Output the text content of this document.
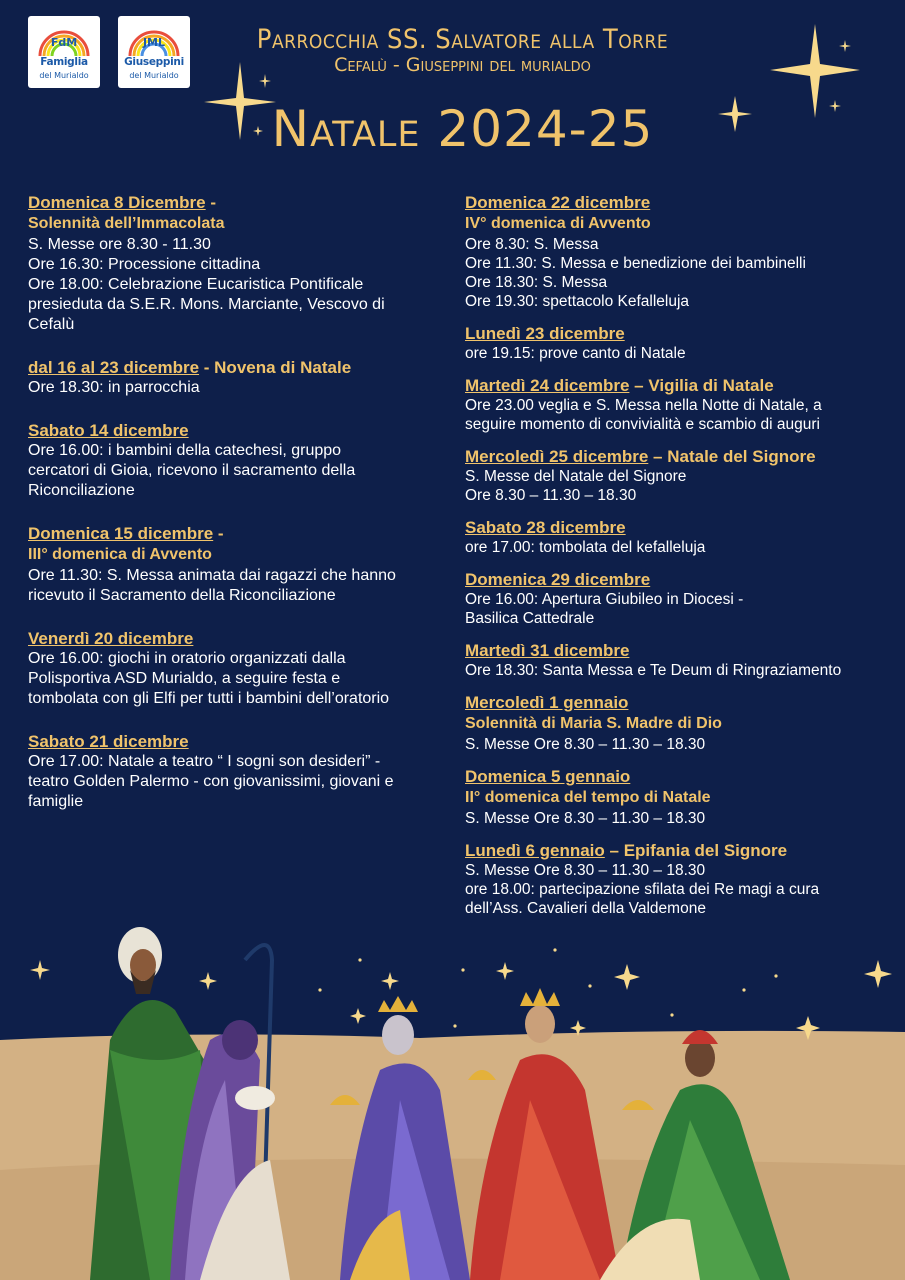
FdM
Famiglia
del Murialdo
JML
Giuseppini
del Murialdo
Parrocchia SS. Salvatore alla Torre
Cefalù - Giuseppini del murialdo
Natale 2024-25
Domenica 8 Dicembre -
Solennità dell’Immacolata
S. Messe ore 8.30 - 11.30
Ore 16.30: Processione cittadina
Ore 18.00: Celebrazione Eucaristica Pontificale
presieduta da S.E.R. Mons. Marciante, Vescovo di
Cefalù
dal 16 al 23 dicembre - Novena di Natale
Ore 18.30: in parrocchia
Sabato 14 dicembre
Ore 16.00: i bambini della catechesi, gruppo
cercatori di Gioia, ricevono il sacramento della
Riconciliazione
Domenica 15 dicembre -
III° domenica di Avvento
Ore 11.30: S. Messa animata dai ragazzi che hanno
ricevuto il Sacramento della Riconciliazione
Venerdì 20 dicembre
Ore 16.00: giochi in oratorio organizzati dalla
Polisportiva ASD Murialdo, a seguire festa e
tombolata con gli Elfi per tutti i bambini dell’oratorio
Sabato 21 dicembre
Ore 17.00: Natale a teatro “ I sogni son desideri” -
teatro Golden Palermo - con giovanissimi, giovani e
famiglie
Domenica 22 dicembre
IV° domenica di Avvento
Ore 8.30: S. Messa
Ore 11.30: S. Messa e benedizione dei bambinelli
Ore 18.30: S. Messa
Ore 19.30: spettacolo Kefalleluja
Lunedì 23 dicembre
ore 19.15: prove canto di Natale
Martedì 24 dicembre – Vigilia di Natale
Ore 23.00 veglia e S. Messa nella Notte di Natale, a
seguire momento di convivialità e scambio di auguri
Mercoledì 25 dicembre – Natale del Signore
S. Messe del Natale del Signore
Ore 8.30 – 11.30 – 18.30
Sabato 28 dicembre
ore 17.00: tombolata del kefalleluja
Domenica 29 dicembre
Ore 16.00: Apertura Giubileo in Diocesi -
Basilica Cattedrale
Martedì 31 dicembre
Ore 18.30: Santa Messa e Te Deum di Ringraziamento
Mercoledì 1 gennaio
Solennità di Maria S. Madre di Dio
S. Messe Ore 8.30 – 11.30 – 18.30
Domenica 5 gennaio
II° domenica del tempo di Natale
S. Messe Ore 8.30 – 11.30 – 18.30
Lunedì 6 gennaio – Epifania del Signore
S. Messe Ore 8.30 – 11.30 – 18.30
ore 18.00: partecipazione sfilata dei Re magi a cura
dell’Ass. Cavalieri della Valdemone
